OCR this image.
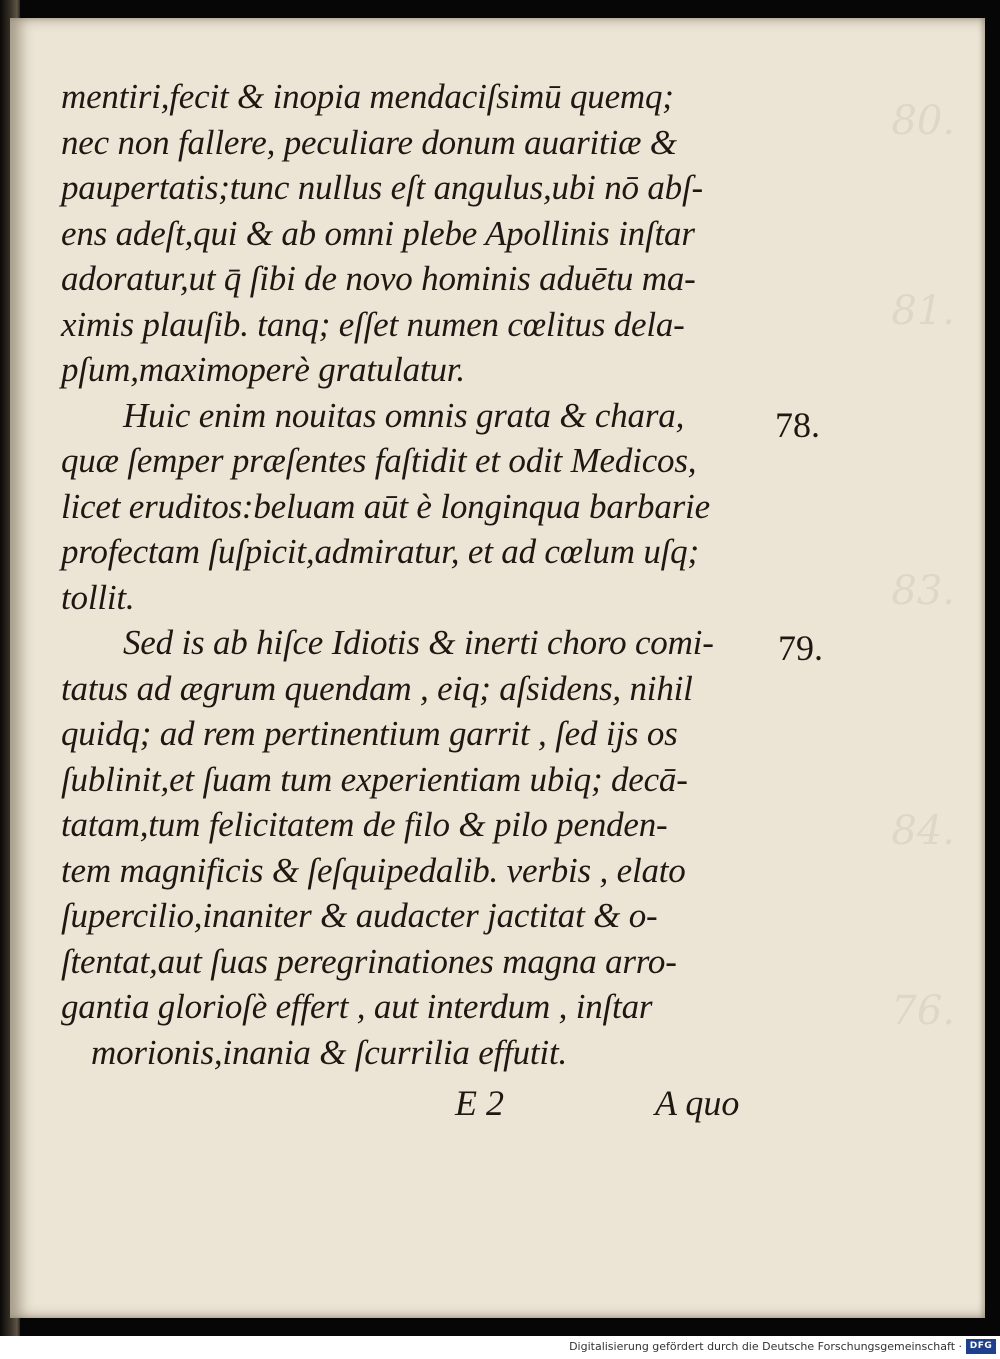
80.
81.
83.
84.
76.
mentiri,fecit & inopia mendaciſsimū quemq;
nec non fallere, peculiare donum auaritiæ &
paupertatis;tunc nullus eſt angulus,ubi nō abſ-
ens adeſt,qui & ab omni plebe Apollinis inſtar
adoratur,ut q̄ ſibi de novo hominis aduētu ma-
ximis plauſib. tanq; eſſet numen cœlitus dela-
pſum,maximoperè gratulatur.
Huic enim nouitas omnis grata & chara,
quæ ſemper præſentes faſtidit et odit Medicos,
licet eruditos:beluam aūt è longinqua barbarie
profectam ſuſpicit,admiratur, et ad cœlum uſq;
tollit.
Sed is ab hiſce Idiotis & inerti choro comi-
tatus ad ægrum quendam , eiq; aſsidens, nihil
quidq; ad rem pertinentium garrit , ſed ijs os
ſublinit,et ſuam tum experientiam ubiq; decā-
tatam,tum felicitatem de filo & pilo penden-
tem magnificis & ſeſquipedalib. verbis , elato
ſupercilio,inaniter & audacter jactitat & o-
ſtentat,aut ſuas peregrinationes magna arro-
gantia glorioſè effert , aut interdum , inſtar
morionis,inania & ſcurrilia effutit.
78.
79.
E 2	A quo
Digitalisierung gefördert durch die Deutsche Forschungsgemeinschaft · DFG
